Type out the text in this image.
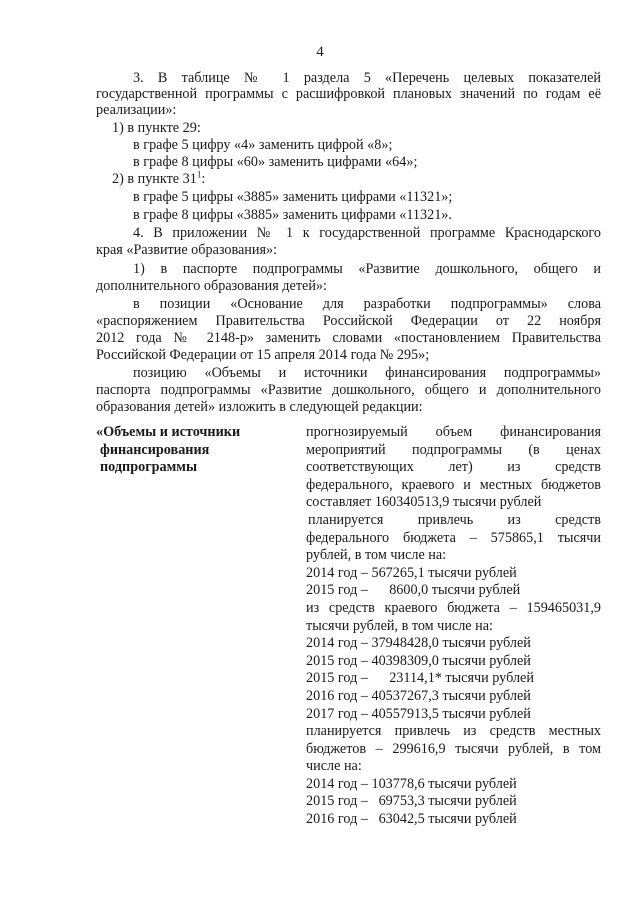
4

3. В таблице № 1 раздела 5 «Перечень целевых показателей

государственной программы с расшифровкой плановых значений по годам её

реализации»:

1) в пункте 29:

в графе 5 цифру «4» заменить цифрой «8»;

в графе 8 цифры «60» заменить цифрами «64»;

2) в пункте $31^1$:

в графе 5 цифры «3885» заменить цифрами «11321»;

в графе 8 цифры «3885» заменить цифрами «11321».

4. В приложении № 1 к государственной программе Краснодарского

края «Развитие образования»:

1) в паспорте подпрограммы «Развитие дошкольного, общего и

дополнительного образования детей»:

в позиции «Основание для разработки подпрограммы» слова

«распоряжением Правительства Российской Федерации от 22 ноября

2012 года № 2148-р» заменить словами «постановлением Правительства

Российской Федерации от 15 апреля 2014 года № 295»;

позицию «Объемы и источники финансирования подпрограммы»

паспорта подпрограммы «Развитие дошкольного, общего и дополнительного

образования детей» изложить в следующей редакции:

«Объемы и источники
финансирования
подпрограммы

прогнозируемый объем финансирования

мероприятий подпрограммы (в ценах

соответствующих лет) из средств

федерального, краевого и местных бюджетов

составляет 160340513,9 тысячи рублей

планируется привлечь из средств

федерального бюджета – 575865,1 тысячи

рублей, в том числе на:

2014 год – 567265,1 тысячи рублей

2015 год –      8600,0 тысячи рублей

из средств краевого бюджета – 159465031,9

тысячи рублей, в том числе на:

2014 год – 37948428,0 тысячи рублей

2015 год – 40398309,0 тысячи рублей

2015 год –      23114,1* тысячи рублей

2016 год – 40537267,3 тысячи рублей

2017 год – 40557913,5 тысячи рублей

планируется привлечь из средств местных

бюджетов – 299616,9 тысячи рублей, в том

числе на:

2014 год – 103778,6 тысячи рублей

2015 год –   69753,3 тысячи рублей

2016 год –   63042,5 тысячи рублей
